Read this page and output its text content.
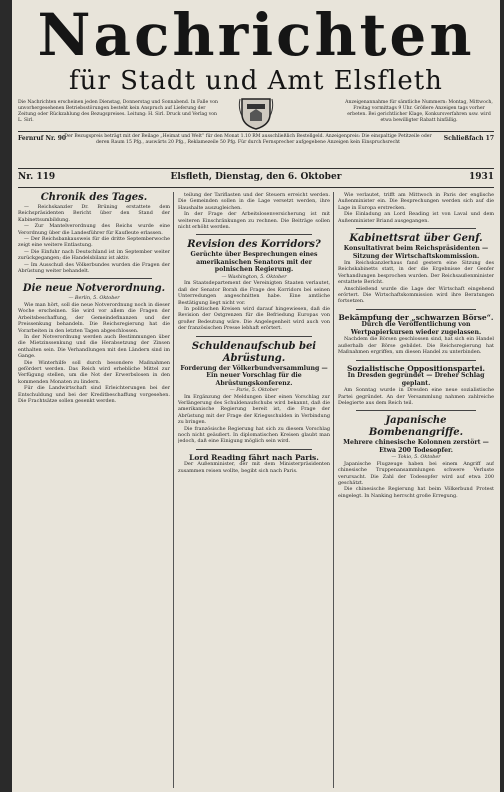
Nachrichten
für Stadt und Amt Elsfleth
Die Nachrichten erscheinen jeden Dienstag, Donnerstag und Sonnabend. In Falle von unvorhergesehenen Betriebsstörungen besteht kein Anspruch auf Lieferung der Zeitung oder Rückzahlung des Bezugspreises. Leitung: H. Sirl. Druck und Verlag von L. Sirl.
Anzeigenannahme für sämtliche Nummern: Montag, Mittwoch, Freitag vormittags 9 Uhr. Größere Anzeigen tags vorher erbeten. Bei gerichtlicher Klage, Konkursverfahren usw. wird etwa bewilligter Rabatt hinfällig.
Fernruf Nr. 90
Der Bezugspreis beträgt mit der Beilage „Heimat und Welt“ für den Monat 1.10 RM ausschließlich Bestellgeld. Anzeigenpreis: Die einspaltige Petitzeile oder deren Raum 15 Pfg., auswärts 20 Pfg., Reklamezeile 50 Pfg. Für durch Fernsprecher aufgegebene Anzeigen kein Einspruchsrecht
Schließfach 17
Elsfleth, Dienstag, den 6. Oktober
Nr. 119	1931
Chronik des Tages.

— Reichskanzler Dr. Brüning erstattete dem Reichspräsidenten Bericht über den Stand der Kabinettsumbildung.

— Zur Mantelverordnung des Reichs wurde eine Verordnung über die Landesführer für Kaufleute erlassen.

— Der Reichsbankausweis für die dritte Septemberwoche zeigt eine weitere Entlastung.

— Die Einfuhr nach Deutschland ist im September weiter zurückgegangen; die Handelsbilanz ist aktiv.

— Im Ausschuß des Völkerbundes wurden die Fragen der Abrüstung weiter behandelt.

Die neue Notverordnung.
— Berlin, 5. Oktober

Wie man hört, soll die neue Notverordnung noch in dieser Woche erscheinen. Sie wird vor allem die Fragen der Arbeitsbeschaffung, der Gemeindefinanzen und der Preissenkung behandeln. Die Reichsregierung hat die Vorarbeiten in den letzten Tagen abgeschlossen.

In der Notverordnung werden auch Bestimmungen über die Mietzinssenkung und die Herabsetzung der Zinsen enthalten sein. Die Verhandlungen mit den Ländern sind im Gange.

Die Winterhilfe soll durch besondere Maßnahmen gefördert werden. Das Reich wird erhebliche Mittel zur Verfügung stellen, um die Not der Erwerbslosen in den kommenden Monaten zu lindern.

Für die Landwirtschaft sind Erleichterungen bei der Entschuldung und bei der Kreditbeschaffung vorgesehen. Die Frachtsätze sollen gesenkt werden.

teilung der Tariflasten und der Steuern erreicht werden. Die Gemeinden sollen in die Lage versetzt werden, ihre Haushalte auszugleichen.

In der Frage der Arbeitslosenversicherung ist mit weiteren Einschränkungen zu rechnen. Die Beiträge sollen nicht erhöht werden.

Revision des Korridors?
Gerüchte über Besprechungen eines amerikanischen Senators mit der polnischen Regierung.
— Washington, 5. Oktober

Im Staatsdepartement der Vereinigten Staaten verlautet, daß der Senator Borah die Frage des Korridors bei seinen Unterredungen angeschnitten habe. Eine amtliche Bestätigung liegt nicht vor.

In politischen Kreisen wird darauf hingewiesen, daß die Revision der Ostgrenzen für die Befriedung Europas von großer Bedeutung wäre. Die Angelegenheit wird auch von der französischen Presse lebhaft erörtert.

Schuldenaufschub bei Abrüstung.
Forderung der Völkerbundversammlung — Ein neuer Vorschlag für die Abrüstungskonferenz.
— Paris, 5. Oktober

Im Ergänzung der Meldungen über einen Vorschlag zur Verlängerung des Schuldenaufschubs wird bekannt, daß die amerikanische Regierung bereit ist, die Frage der Abrüstung mit der Frage der Kriegsschulden in Verbindung zu bringen.

Die französische Regierung hat sich zu diesem Vorschlag noch nicht geäußert. In diplomatischen Kreisen glaubt man jedoch, daß eine Einigung möglich sein wird.

Lord Reading fährt nach Paris.

Der Außenminister, der mit dem Ministerpräsidenten zusammen reisen wollte, begibt sich nach Paris.

Wie verlautet, trifft am Mittwoch in Paris der englische Außenminister ein. Die Besprechungen werden sich auf die Lage in Europa erstrecken.

Die Einladung an Lord Reading ist von Laval und dem Außenminister Briand ausgegangen.

Kabinettsrat über Genf.
Konsultativrat beim Reichspräsidenten — Sitzung der Wirtschaftskommission.

Im Reichskanzlerhaus fand gestern eine Sitzung des Reichskabinetts statt, in der die Ergebnisse der Genfer Verhandlungen besprochen wurden. Der Reichsaußenminister erstattete Bericht.

Anschließend wurde die Lage der Wirtschaft eingehend erörtert. Die Wirtschaftskommission wird ihre Beratungen fortsetzen.

Bekämpfung der „schwarzen Börse“.
Durch die Veröffentlichung von Wertpapierkursen wieder zugelassen.

Nachdem die Börsen geschlossen sind, hat sich ein Handel außerhalb der Börse gebildet. Die Reichsregierung hat Maßnahmen ergriffen, um diesen Handel zu unterbinden.

Sozialistische Oppositionspartei.
In Dresden gegründet — Dreher Schlag geplant.

Am Sonntag wurde in Dresden eine neue sozialistische Partei gegründet. An der Versammlung nahmen zahlreiche Delegierte aus dem Reich teil.

Japanische Bombenangriffe.
Mehrere chinesische Kolonnen zerstört — Etwa 200 Todesopfer.
— Tokio, 5. Oktober

Japanische Flugzeuge haben bei einem Angriff auf chinesische Truppenansammlungen schwere Verluste verursacht. Die Zahl der Todesopfer wird auf etwa 200 geschätzt.

Die chinesische Regierung hat beim Völkerbund Protest eingelegt. In Nanking herrscht große Erregung.
